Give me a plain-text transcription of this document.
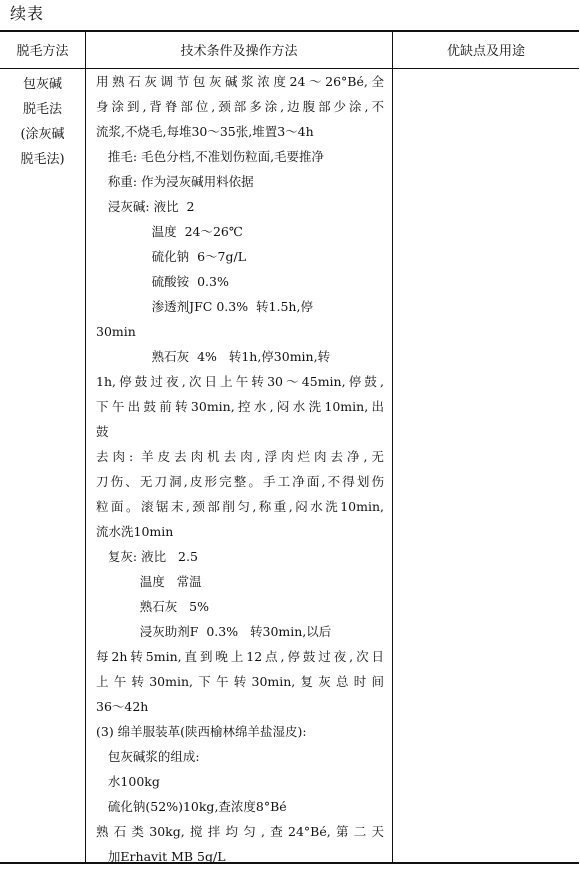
续表
脱毛方法	技术条件及操作方法	优缺点及用途
包灰碱
脱毛法
(涂灰碱
脱毛法)
用熟石灰调节包灰碱浆浓度24～26°Bé,全
身涂到,背脊部位,颈部多涂,边腹部少涂,不
流浆,不烧毛,每堆30～35张,堆置3～4h
推毛: 毛色分档,不准划伤粒面,毛要推净
称重: 作为浸灰碱用料依据
浸灰碱: 液比  2
温度  24～26℃
硫化钠  6～7g/L
硫酸铵  0.3%
渗透剂JFC 0.3%  转1.5h,停
30min
熟石灰  4%   转1h,停30min,转
1h,停鼓过夜,次日上午转30～45min,停鼓,
下午出鼓前转30min,控水,闷水洗10min,出
鼓
去肉: 羊皮去肉机去肉,浮肉烂肉去净,无
刀伤、无刀洞,皮形完整。手工净面,不得划伤
粒面。滚锯末,颈部削匀,称重,闷水洗10min,
流水洗10min
复灰: 液比   2.5
温度   常温
熟石灰   5%
浸灰助剂F  0.3%   转30min,以后
每2h转5min,直到晚上12点,停鼓过夜,次日
上午转30min,下午转30min,复灰总时间
36～42h
(3) 绵羊服装革(陕西榆林绵羊盐湿皮):
包灰碱浆的组成:
水100kg
硫化钠(52%)10kg,查浓度8°Bé
熟石类30kg,搅拌均匀,查24°Bé,第二天
加Erhavit MB 5g/L
